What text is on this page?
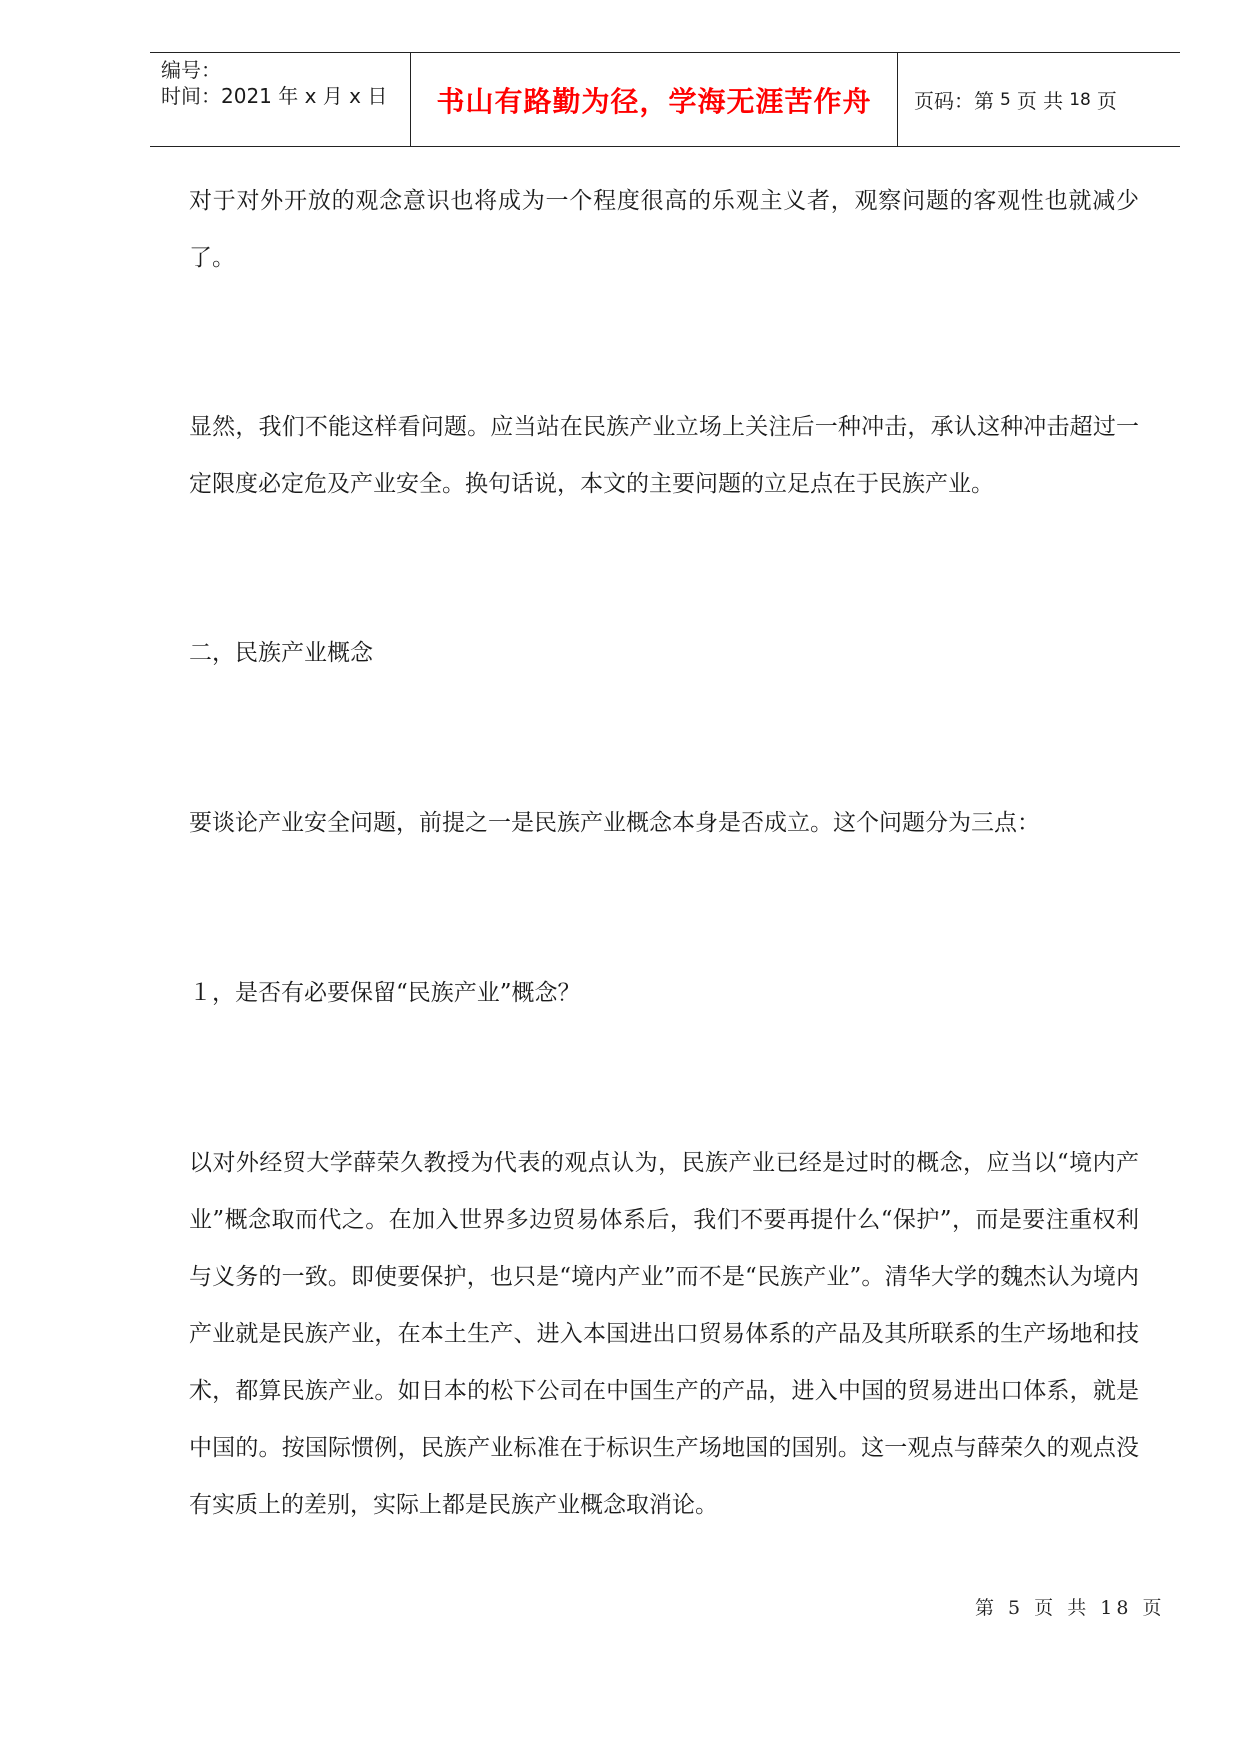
编号：
时间：2021 年 x 月 x 日	书山有路勤为径，学海无涯苦作舟 页码：第 5 页 共 18 页

对于对外开放的观念意识也将成为一个程度很高的乐观主义者，观察问题的客观性也就减少了。

显然，我们不能这样看问题。应当站在民族产业立场上关注后一种冲击，承认这种冲击超过一定限度必定危及产业安全。换句话说，本文的主要问题的立足点在于民族产业。

二，民族产业概念

要谈论产业安全问题，前提之一是民族产业概念本身是否成立。这个问题分为三点：

１，是否有必要保留“民族产业”概念？

以对外经贸大学薛荣久教授为代表的观点认为，民族产业已经是过时的概念，应当以“境内产业”概念取而代之。在加入世界多边贸易体系后，我们不要再提什么“保护”，而是要注重权利与义务的一致。即使要保护，也只是“境内产业”而不是“民族产业”。清华大学的魏杰认为境内产业就是民族产业，在本土生产、进入本国进出口贸易体系的产品及其所联系的生产场地和技术，都算民族产业。如日本的松下公司在中国生产的产品，进入中国的贸易进出口体系，就是中国的。按国际惯例，民族产业标准在于标识生产场地国的国别。这一观点与薛荣久的观点没有实质上的差别，实际上都是民族产业概念取消论。

第 5 页 共 18 页
